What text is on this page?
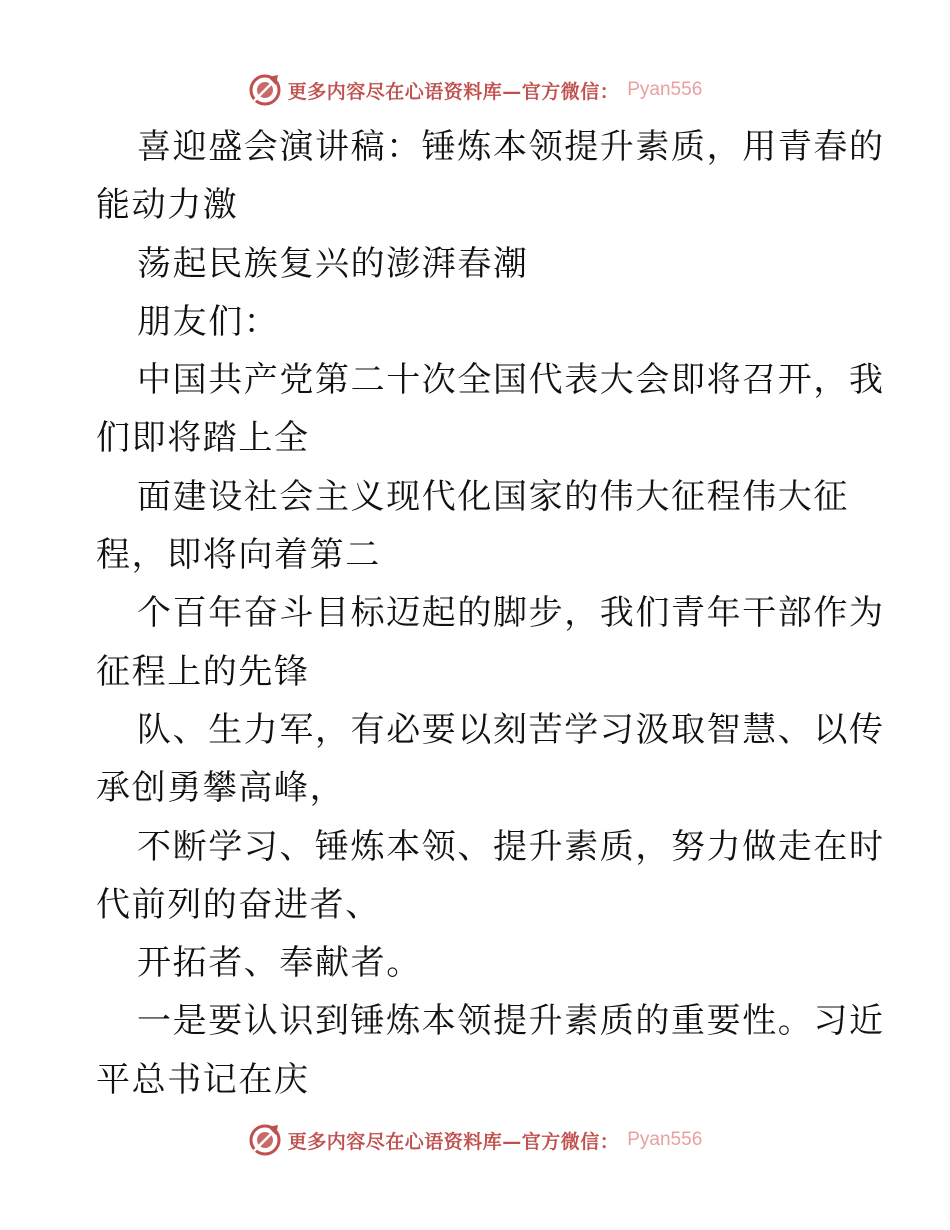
更多内容尽在心语资料库—官方微信： Pyan556
喜迎盛会演讲稿：锤炼本领提升素质，用青春的
能动力激
荡起民族复兴的澎湃春潮
朋友们：
中国共产党第二十次全国代表大会即将召开，我
们即将踏上全
面建设社会主义现代化国家的伟大征程伟大征
程，即将向着第二
个百年奋斗目标迈起的脚步，我们青年干部作为
征程上的先锋
队、生力军，有必要以刻苦学习汲取智慧、以传
承创勇攀高峰，
不断学习、锤炼本领、提升素质，努力做走在时
代前列的奋进者、
开拓者、奉献者。
一是要认识到锤炼本领提升素质的重要性。习近
平总书记在庆
更多内容尽在心语资料库—官方微信： Pyan556
